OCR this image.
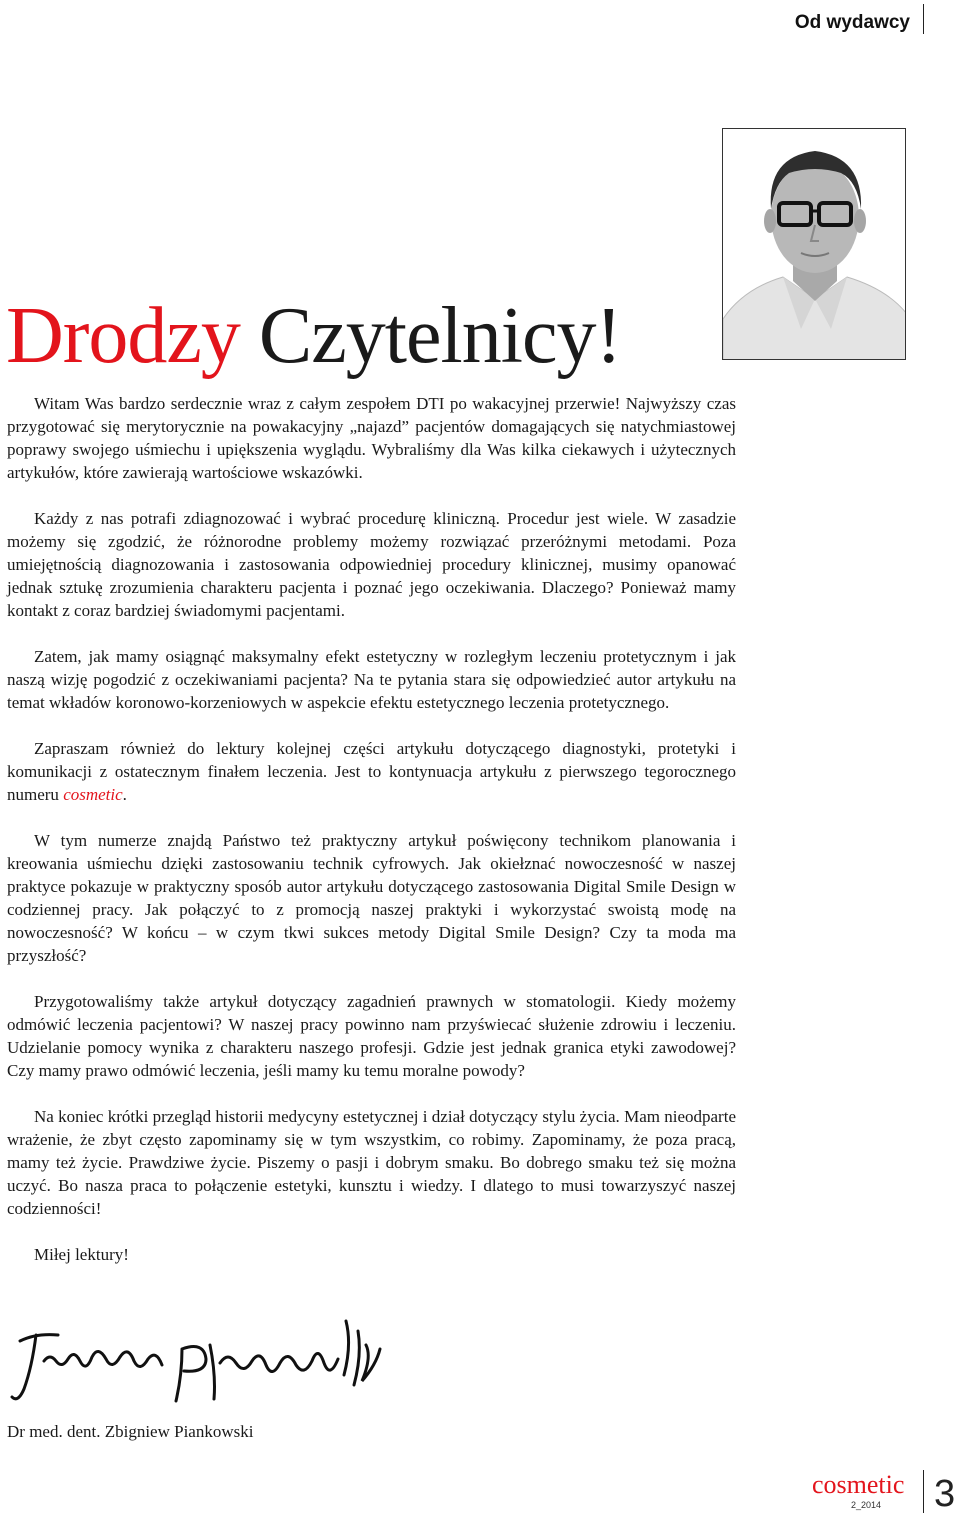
Od wydawcy
Drodzy Czytelnicy!

Witam Was bardzo serdecznie wraz z całym zespołem DTI po wakacyjnej przerwie! Najwyższy czas przygotować się merytorycznie na powakacyjny „najazd” pacjentów domagających się natychmiastowej poprawy swojego uśmiechu i upiększenia wyglądu. Wybraliśmy dla Was kilka ciekawych i użytecznych artykułów, które zawierają wartościowe wskazówki.

Każdy z nas potrafi zdiagnozować i wybrać procedurę kliniczną. Procedur jest wiele. W zasadzie możemy się zgodzić, że różnorodne problemy możemy rozwiązać przeróżnymi metodami. Poza umiejętnością diagnozowania i zastosowania odpowiedniej procedury klinicznej, musimy opanować jednak sztukę zrozumienia charakteru pacjenta i poznać jego oczekiwania. Dlaczego? Ponieważ mamy kontakt z coraz bardziej świadomymi pacjentami.

Zatem, jak mamy osiągnąć maksymalny efekt estetyczny w rozległym leczeniu protetycznym i jak naszą wizję pogodzić z oczekiwaniami pacjenta? Na te pytania stara się odpowiedzieć autor artykułu na temat wkładów koronowo-korzeniowych w aspekcie efektu estetycznego leczenia protetycznego.

Zapraszam również do lektury kolejnej części artykułu dotyczącego diagnostyki, protetyki i komunikacji z ostatecznym finałem leczenia. Jest to kontynuacja artykułu z pierwszego tegorocznego numeru cosmetic.

W tym numerze znajdą Państwo też praktyczny artykuł poświęcony technikom planowania i kreowania uśmiechu dzięki zastosowaniu technik cyfrowych. Jak okiełznać nowoczesność w naszej praktyce pokazuje w praktyczny sposób autor artykułu dotyczącego zastosowania Digital Smile Design w codziennej pracy. Jak połączyć to z promocją naszej praktyki i wykorzystać swoistą modę na nowoczesność? W końcu – w czym tkwi sukces metody Digital Smile Design? Czy ta moda ma przyszłość?

Przygotowaliśmy także artykuł dotyczący zagadnień prawnych w stomatologii. Kiedy możemy odmówić leczenia pacjentowi? W naszej pracy powinno nam przyświecać służenie zdrowiu i leczeniu. Udzielanie pomocy wynika z charakteru naszego profesji. Gdzie jest jednak granica etyki zawodowej? Czy mamy prawo odmówić leczenia, jeśli mamy ku temu moralne powody?

Na koniec krótki przegląd historii medycyny estetycznej i dział dotyczący stylu życia. Mam nieodparte wrażenie, że zbyt często zapominamy się w tym wszystkim, co robimy. Zapominamy, że poza pracą, mamy też życie. Prawdziwe życie. Piszemy o pasji i dobrym smaku. Bo dobrego smaku też się można uczyć. Bo nasza praca to połączenie estetyki, kunsztu i wiedzy. I dlatego to musi towarzyszyć naszej codzienności!

Miłej lektury!

Dr med. dent. Zbigniew Piankowski
cosmetic
2_2014 3
